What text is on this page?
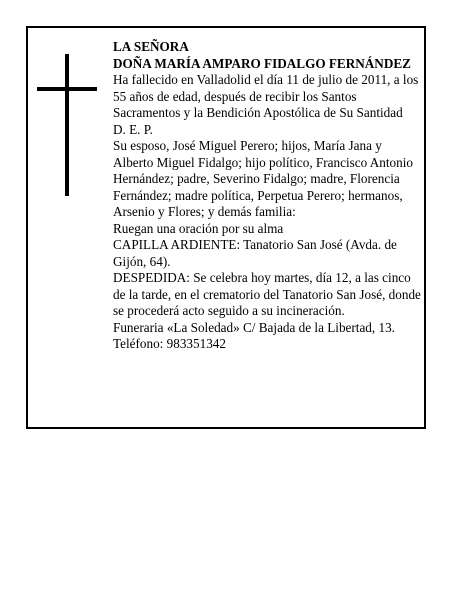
LA SEÑORA

DOÑA MARÍA AMPARO FIDALGO FERNÁNDEZ

Ha fallecido en Valladolid el día 11 de julio de 2011, a los 55 años de edad, después de recibir los Santos Sacramentos y la Bendición Apostólica de Su Santidad

D. E. P.

Su esposo, José Miguel Perero; hijos, María Jana y Alberto Miguel Fidalgo; hijo político, Francisco Antonio Hernández; padre, Severino Fidalgo; madre, Florencia Fernández; madre política, Perpetua Perero; hermanos, Arsenio y Flores; y demás familia:

Ruegan una oración por su alma

CAPILLA ARDIENTE: Tanatorio San José (Avda. de Gijón, 64).

DESPEDIDA: Se celebra hoy martes, día 12, a las cinco de la tarde, en el crematorio del Tanatorio San José, donde se procederá acto seguido a su incineración.

Funeraria «La Soledad» C/ Bajada de la Libertad, 13.

Teléfono: 983351342
